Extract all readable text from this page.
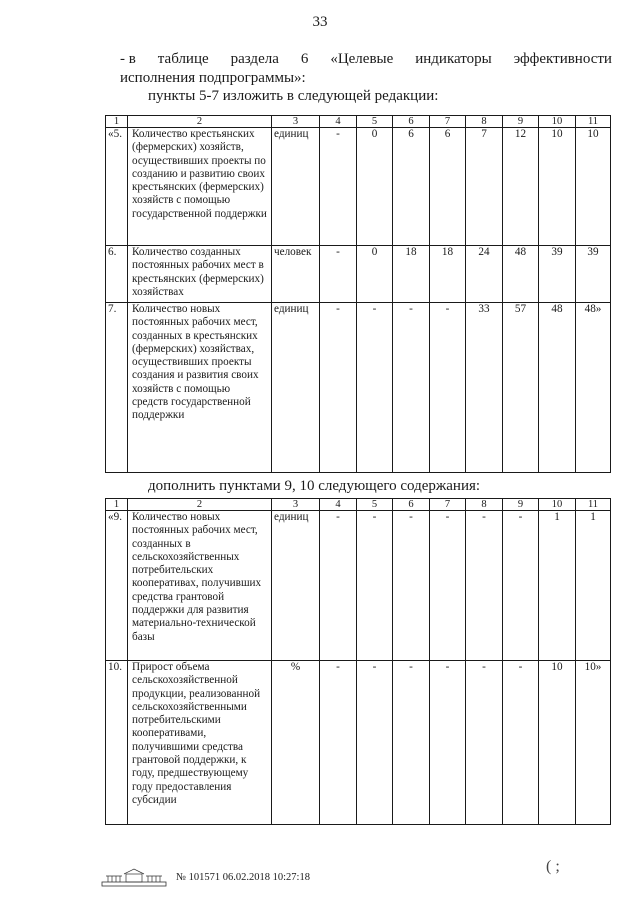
33
- в таблице раздела 6 «Целевые индикаторы эффективности
исполнения подпрограммы»:
пункты 5-7 изложить в следующей редакции:
1	2	3	4	5	6	7	8	9	10	11
«5.	Количество крестьянских (фермерских) хозяйств, осуществивших проекты по созданию и развитию своих крестьянских (фермерских) хозяйств с помощью государственной поддержки	единиц	-	0	6	6	7	12	10	10
6.	Количество созданных постоянных рабочих мест в крестьянских (фермерских) хозяйствах	человек	-	0	18	18	24	48	39	39
7.	Количество новых постоянных рабочих мест, созданных в крестьянских (фермерских) хозяйствах, осуществивших проекты создания и развития своих хозяйств с помощью средств государственной поддержки	единиц	-	-	-	-	33	57	48	48»
дополнить пунктами 9, 10 следующего содержания:
1	2	3	4	5	6	7	8	9	10	11
«9.	Количество новых постоянных рабочих мест, созданных в сельскохозяйственных потребительских кооперативах, получивших средства грантовой поддержки для развития материально-технической базы	единиц	-	-	-	-	-	-	1	1
10.	Прирост объема сельскохозяйственной продукции, реализованной сельскохозяйственными потребительскими кооперативами, получившими средства грантовой поддержки, к году, предшествующему году предоставления субсидии	%	-	-	-	-	-	-	10	10»
№ 101571 06.02.2018 10:27:18
( ;
